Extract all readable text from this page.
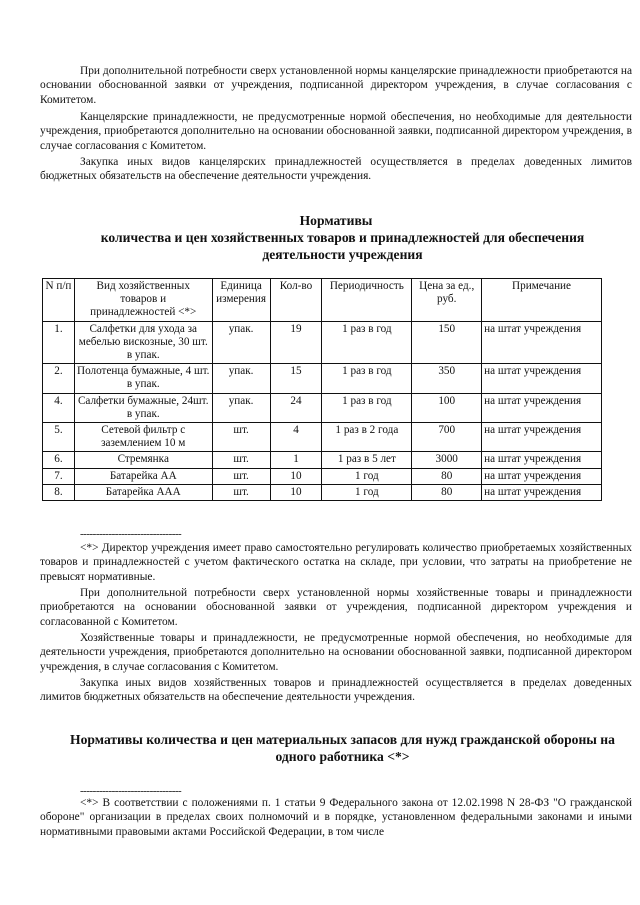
При дополнительной потребности сверх установленной нормы канцелярские принадлежности приобретаются на основании обоснованной заявки от учреждения, подписанной директором учреждения, в случае согласования с Комитетом.

Канцелярские принадлежности, не предусмотренные нормой обеспечения, но необходимые для деятельности учреждения, приобретаются дополнительно на основании обоснованной заявки, подписанной директором учреждения, в случае согласования с Комитетом.

Закупка иных видов канцелярских принадлежностей осуществляется в пределах доведенных лимитов бюджетных обязательств на обеспечение деятельности учреждения.

Нормативы

количества и цен хозяйственных товаров и принадлежностей для обеспечения деятельности учреждения

N п/п	Вид хозяйственных товаров и принадлежностей <*>	Единица измерения	Кол-во	Периодичность	Цена за ед., руб.	Примечание
1.	Салфетки для ухода за мебелью вискозные, 30 шт. в упак.	упак.	19	1 раз в год	150	на штат учреждения
2.	Полотенца бумажные, 4 шт. в упак.	упак.	15	1 раз в год	350	на штат учреждения
4.	Салфетки бумажные, 24шт. в упак.	упак.	24	1 раз в год	100	на штат учреждения
5.	Сетевой фильтр с заземлением 10 м	шт.	4	1 раз в 2 года	700	на штат учреждения
6.	Стремянка	шт.	1	1 раз в 5 лет	3000	на штат учреждения
7.	Батарейка АА	шт.	10	1 год	80	на штат учреждения
8.	Батарейка ААА	шт.	10	1 год	80	на штат учреждения
--------------------------------

<*> Директор учреждения имеет право самостоятельно регулировать количество приобретаемых хозяйственных товаров и принадлежностей с учетом фактического остатка на складе, при условии, что затраты на приобретение не превысят нормативные.

При дополнительной потребности сверх установленной нормы хозяйственные товары и принадлежности приобретаются на основании обоснованной заявки от учреждения, подписанной директором учреждения и согласованной с Комитетом.

Хозяйственные товары и принадлежности, не предусмотренные нормой обеспечения, но необходимые для деятельности учреждения, приобретаются дополнительно на основании обоснованной заявки, подписанной директором учреждения, в случае согласования с Комитетом.

Закупка иных видов хозяйственных товаров и принадлежностей осуществляется в пределах доведенных лимитов бюджетных обязательств на обеспечение деятельности учреждения.

Нормативы количества и цен материальных запасов для нужд гражданской обороны на одного работника <*>

--------------------------------

<*> В соответствии с положениями п. 1 статьи 9 Федерального закона от 12.02.1998 N 28-ФЗ "О гражданской обороне" организации в пределах своих полномочий и в порядке, установленном федеральными законами и иными нормативными правовыми актами Российской Федерации, в том числе
